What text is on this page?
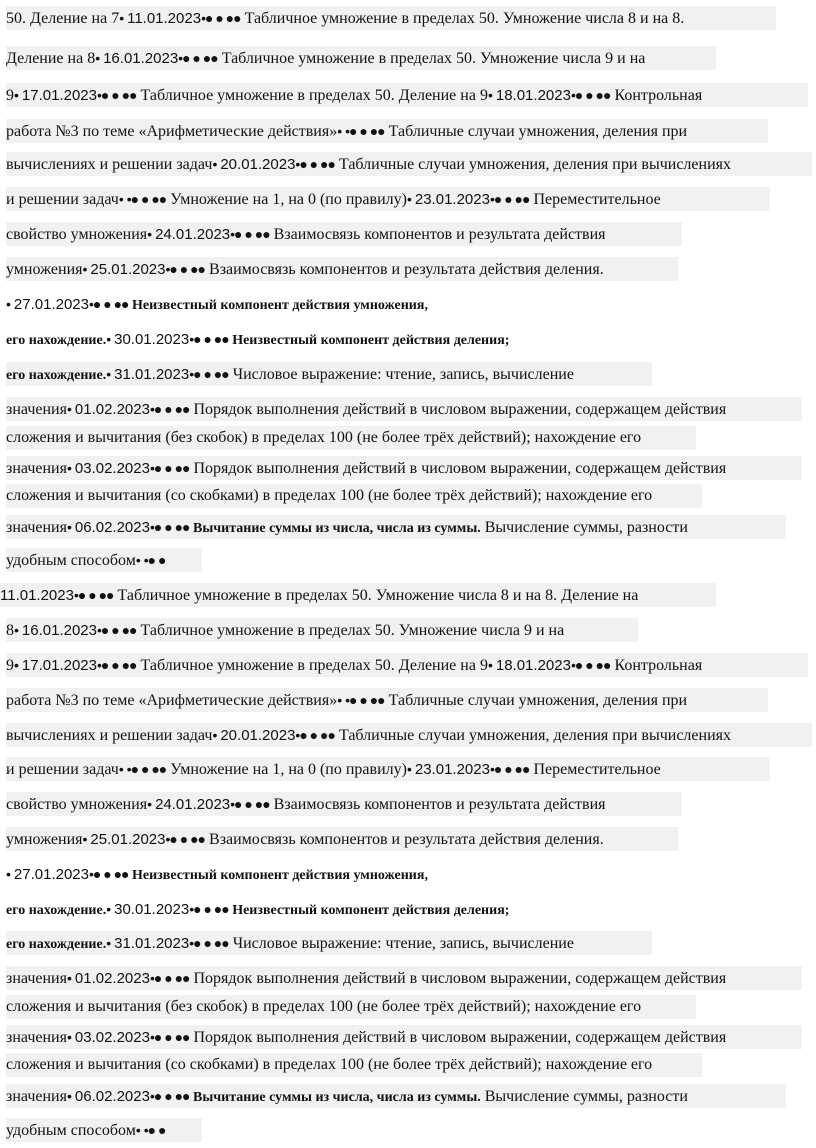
50. Деление на 7• 11.01.2023•● ● ●● Табличное умножение в пределах 50. Умножение числа 8 и на 8.
Деление на 8• 16.01.2023•● ● ●● Табличное умножение в пределах 50. Умножение числа 9 и на
9• 17.01.2023•● ● ●● Табличное умножение в пределах 50. Деление на 9• 18.01.2023•● ● ●● Контрольная
работа №3 по теме «Арифметические действия»• •● ● ●● Табличные случаи умножения, деления при
вычислениях и решении задач• 20.01.2023•● ● ●● Табличные случаи умножения, деления при вычислениях
и решении задач• •● ● ●● Умножение на 1, на 0 (по правилу)• 23.01.2023•● ● ●● Переместительное
свойство умножения• 24.01.2023•● ● ●● Взаимосвязь компонентов и результата действия
умножения• 25.01.2023•● ● ●● Взаимосвязь компонентов и результата действия деления.
• 27.01.2023•● ● ●● Неизвестный компонент действия умножения,
его нахождение.• 30.01.2023•● ● ●● Неизвестный компонент действия деления;
его нахождение.• 31.01.2023•● ● ●● Числовое выражение: чтение, запись, вычисление
значения• 01.02.2023•● ● ●● Порядок выполнения действий в числовом выражении, содержащем действия
сложения и вычитания (без скобок) в пределах 100 (не более трёх действий); нахождение его
значения• 03.02.2023•● ● ●● Порядок выполнения действий в числовом выражении, содержащем действия
сложения и вычитания (со скобками) в пределах 100 (не более трёх действий); нахождение его
значения• 06.02.2023•● ● ●● Вычитание суммы из числа, числа из суммы. Вычисление суммы, разности
удобным способом• •● ●
11.01.2023•● ● ●● Табличное умножение в пределах 50. Умножение числа 8 и на 8. Деление на
8• 16.01.2023•● ● ●● Табличное умножение в пределах 50. Умножение числа 9 и на
9• 17.01.2023•● ● ●● Табличное умножение в пределах 50. Деление на 9• 18.01.2023•● ● ●● Контрольная
работа №3 по теме «Арифметические действия»• •● ● ●● Табличные случаи умножения, деления при
вычислениях и решении задач• 20.01.2023•● ● ●● Табличные случаи умножения, деления при вычислениях
и решении задач• •● ● ●● Умножение на 1, на 0 (по правилу)• 23.01.2023•● ● ●● Переместительное
свойство умножения• 24.01.2023•● ● ●● Взаимосвязь компонентов и результата действия
умножения• 25.01.2023•● ● ●● Взаимосвязь компонентов и результата действия деления.
• 27.01.2023•● ● ●● Неизвестный компонент действия умножения,
его нахождение.• 30.01.2023•● ● ●● Неизвестный компонент действия деления;
его нахождение.• 31.01.2023•● ● ●● Числовое выражение: чтение, запись, вычисление
значения• 01.02.2023•● ● ●● Порядок выполнения действий в числовом выражении, содержащем действия
сложения и вычитания (без скобок) в пределах 100 (не более трёх действий); нахождение его
значения• 03.02.2023•● ● ●● Порядок выполнения действий в числовом выражении, содержащем действия
сложения и вычитания (со скобками) в пределах 100 (не более трёх действий); нахождение его
значения• 06.02.2023•● ● ●● Вычитание суммы из числа, числа из суммы. Вычисление суммы, разности
удобным способом• •● ●
